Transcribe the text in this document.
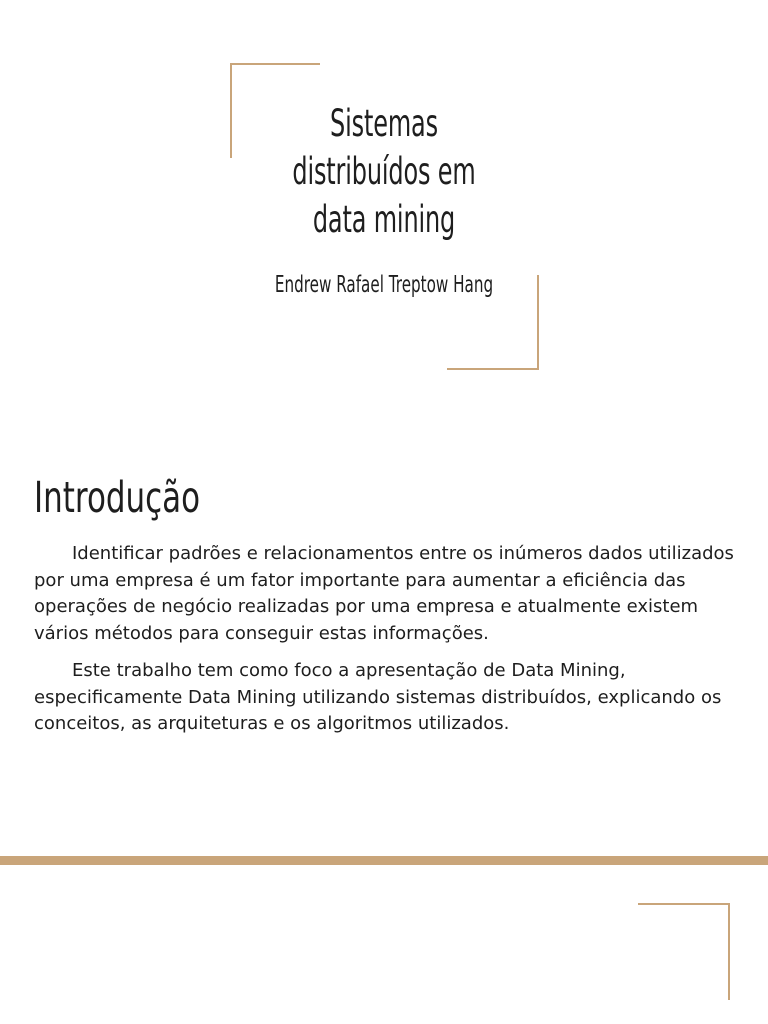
Sistemas
distribuídos em
data mining
Endrew Rafael Treptow Hang
Introdução

Identificar padrões e relacionamentos entre os inúmeros dados utilizados por uma empresa é um fator importante para aumentar a eficiência das operações de negócio realizadas por uma empresa e atualmente existem vários métodos para conseguir estas informações.

Este trabalho tem como foco a apresentação de Data Mining, especificamente Data Mining utilizando sistemas distribuídos, explicando os conceitos, as arquiteturas e os algoritmos utilizados.
